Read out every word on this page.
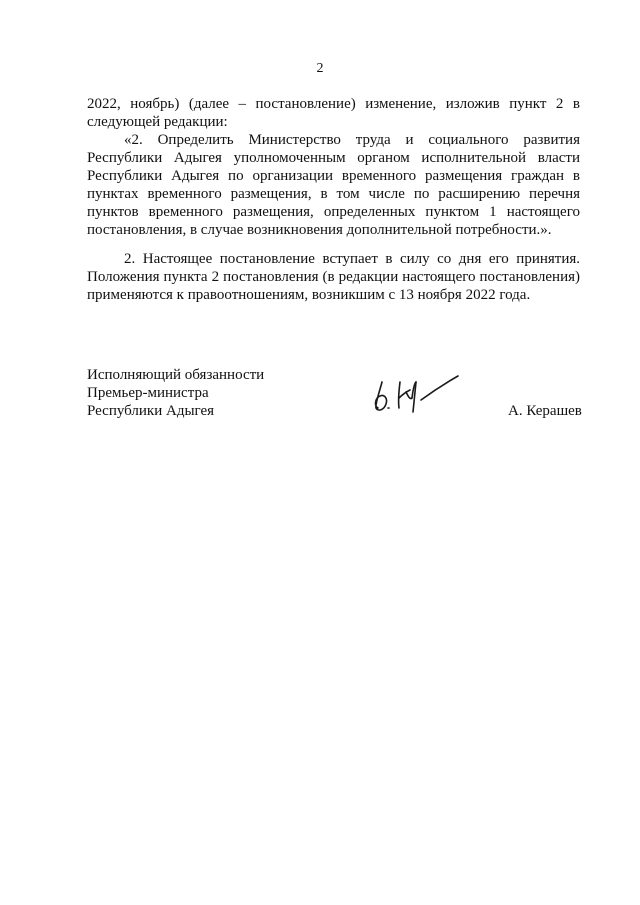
2

2022, ноябрь) (далее – постановление) изменение, изложив пункт 2 в следующей редакции:

«2. Определить Министерство труда и социального развития Республики Адыгея уполномоченным органом исполнительной власти Республики Адыгея по организации временного размещения граждан в пунктах временного размещения, в том числе по расширению перечня пунктов временного размещения, определенных пунктом 1 настоящего постановления, в случае возникновения дополнительной потребности.».

2. Настоящее постановление вступает в силу со дня его принятия. Положения пункта 2 постановления (в редакции настоящего постановления) применяются к правоотношениям, возникшим с 13 ноября 2022 года.

Исполняющий обязанности
Премьер-министра
Республики Адыгея	А. Керашев
